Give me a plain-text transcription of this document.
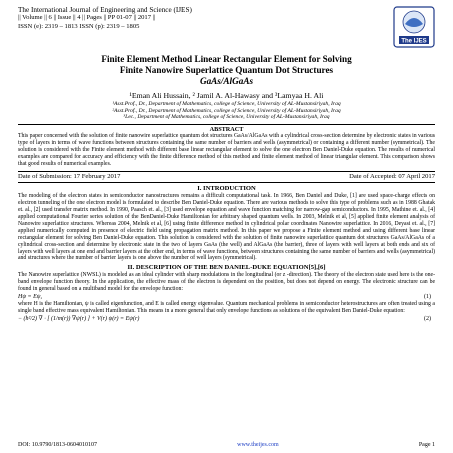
The International Journal of Engineering and Science (IJES)
|| Volume || 6 || Issue || 4 || Pages || PP 01-07 || 2017 ||
ISSN (e): 2319 – 1813 ISSN (p): 2319 – 1805
The IJES
Finite Element Method Linear Rectangular Element for Solving
Finite Nanowire Superlattice Quantum Dot Structures
GaAs/AlGaAs
¹Eman Ali Hussain, ² Jamil A. Al-Hawasy and ³Lamyaa H. Ali
¹Asst.Prof., Dr., Department of Mathematics, college of Science, University of AL-Mustansiriyah, Iraq
²Asst.Prof., Dr., Department of Mathematics, college of Science, University of AL-Mustansiriyah, Iraq
³Lec., Department of Mathematics, college of Science, University of AL-Mustansiriyah, Iraq
ABSTRACT
This paper concerned with the solution of finite nanowire superlattice quantum dot structures GaAs/AlGaAs with a cylindrical cross-section determine by electronic states in various type of layers in terms of wave functions between structures containing the same number of barriers and wells (asymmetrical) or containing a different number (symmetrical). The solution is considered with the Finite element method with different base linear rectangular element to solve the one electron Ben Daniel-Duke equation. The results of numerical examples are compared for accuracy and efficiency with the finite difference method of this method and finite element method of linear triangular element. This comparison shows that good results of numerical examples.
Date of Submission: 17 February 2017	Date of Accepted: 07 April 2017
I. INTRODUCTION
The modeling of the electron states in semiconductor nanostructures remains a difficult computational task. In 1966, Ben Daniel and Duke, [1] are used space-charge effects on electron tunneling of the one electron model is formulated to describe Ben Daniel-Duke equation. There are various methods to solve this type of problems such as in 1988 Ghatak et. al., [2] used transfer matrix method. In 1990, Paasch et. al., [3] used envelope equation and wave function matching for narrow-gap semiconductors. In 1995, Mathine et. al., [4] applied computational Fourier series solution of the BenDaniel-Duke Hamiltonian for arbitrary shaped quantum wells. In 2003, Melnik et al, [5] applied finite element analysis of Nanowire superlattice structures. Whereas 2004, Melnik et al, [6] using finite difference method in cylindrical polar coordinates Nanowire superlattice. In 2016, Deyasi et. al., [7] applied numerically computed in presence of electric field using propagation matrix method. In this paper we propose a Finite element method and using different base linear rectangular element for solving Ben Daniel-Duke equation. This solution is considered with the solution of finite nanowire superlattice quantum dot structures GaAs/AlGaAs of a cylindrical cross-section and determine by electronic state in the two of layers GaAs (the well) and AlGaAs (the barrier), three of layers with well layers at both ends and six of layers with well layers at one end and barrier layers at the other end, in terms of wave functions, between structures containing the same number of barriers and wells (asymmetrical) and structures where the number of barrier layers is one above the number of well layers (symmetrical).
II. DESCRIPTION OF THE BEN DANIEL-DUKE EQUATION[5],[6]
The Nanowire superlattice (NWSL) is modeled as an ideal cylinder with sharp modulations in the longitudinal (or z -direction). The theory of the electron state used here is the one-band envelope function theory. In the application, the effective mass of the electron is dependent on the position, but does not depend on energy. The electronic structure can be found in general based on a multiband model for the envelope function:
Hψ = Eψ,	(1)
where H is the Hamiltonian, ψ is called eigenfunction, and E is called energy eigenvalue. Quantum mechanical problems in semiconductor heterostructures are often treated using a single band effective mass equivalent Hamiltonian. This means in a more general that only envelope functions as solutions of the equivalent Ben Daniel-Duke equation:
− (ħ²/2) ∇ · [ (1/m(r)) ∇ψ(r) ] + V(r) ψ(r) = Eψ(r)	(2)
DOI: 10.9790/1813-0604010107	www.theijes.com	Page 1
